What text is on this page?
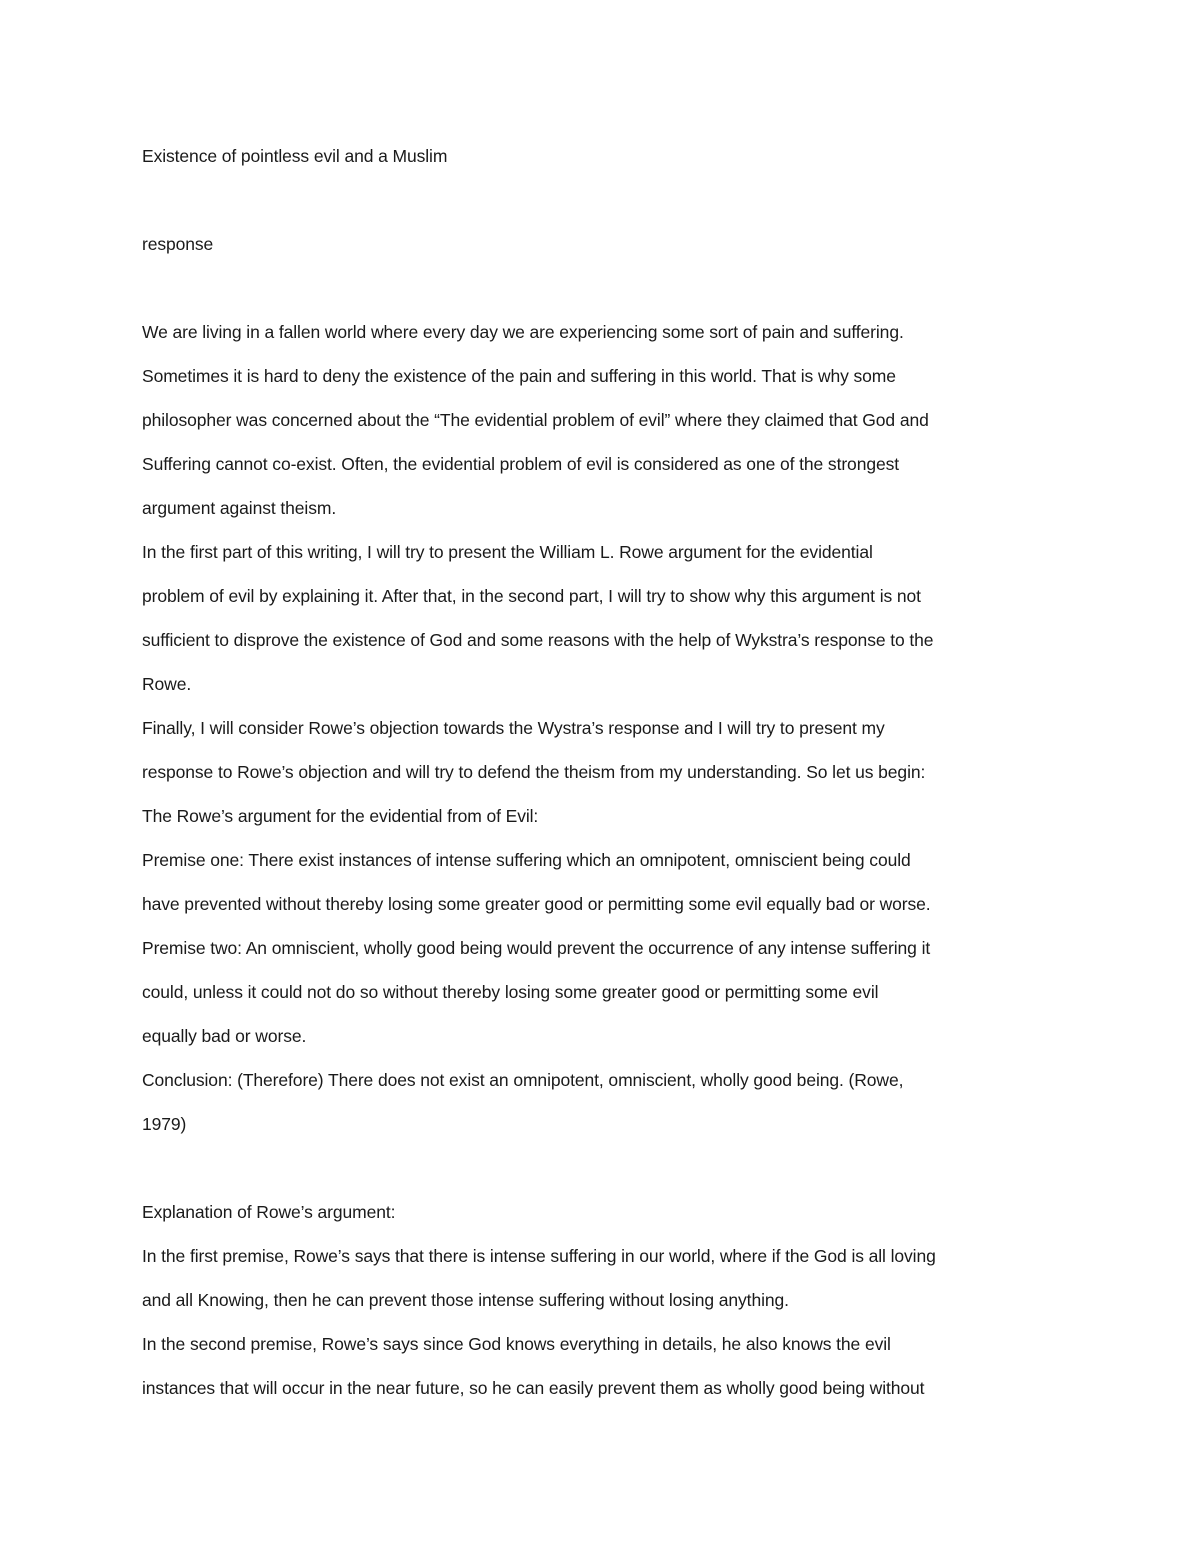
Existence of pointless evil and a Muslim
response
We are living in a fallen world where every day we are experiencing some sort of pain and suffering.
Sometimes it is hard to deny the existence of the pain and suffering in this world. That is why some
philosopher was concerned about the “The evidential problem of evil” where they claimed that God and
Suffering cannot co-exist. Often, the evidential problem of evil is considered as one of the strongest
argument against theism.
In the first part of this writing, I will try to present the William L. Rowe argument for the evidential
problem of evil by explaining it. After that, in the second part, I will try to show why this argument is not
sufficient to disprove the existence of God and some reasons with the help of Wykstra’s response to the
Rowe.
Finally, I will consider Rowe’s objection towards the Wystra’s response and I will try to present my
response to Rowe’s objection and will try to defend the theism from my understanding. So let us begin:
The Rowe’s argument for the evidential from of Evil:
Premise one: There exist instances of intense suffering which an omnipotent, omniscient being could
have prevented without thereby losing some greater good or permitting some evil equally bad or worse.
Premise two: An omniscient, wholly good being would prevent the occurrence of any intense suffering it
could, unless it could not do so without thereby losing some greater good or permitting some evil
equally bad or worse.
Conclusion: (Therefore) There does not exist an omnipotent, omniscient, wholly good being. (Rowe,
1979)
Explanation of Rowe’s argument:
In the first premise, Rowe’s says that there is intense suffering in our world, where if the God is all loving
and all Knowing, then he can prevent those intense suffering without losing anything.
In the second premise, Rowe’s says since God knows everything in details, he also knows the evil
instances that will occur in the near future, so he can easily prevent them as wholly good being without
